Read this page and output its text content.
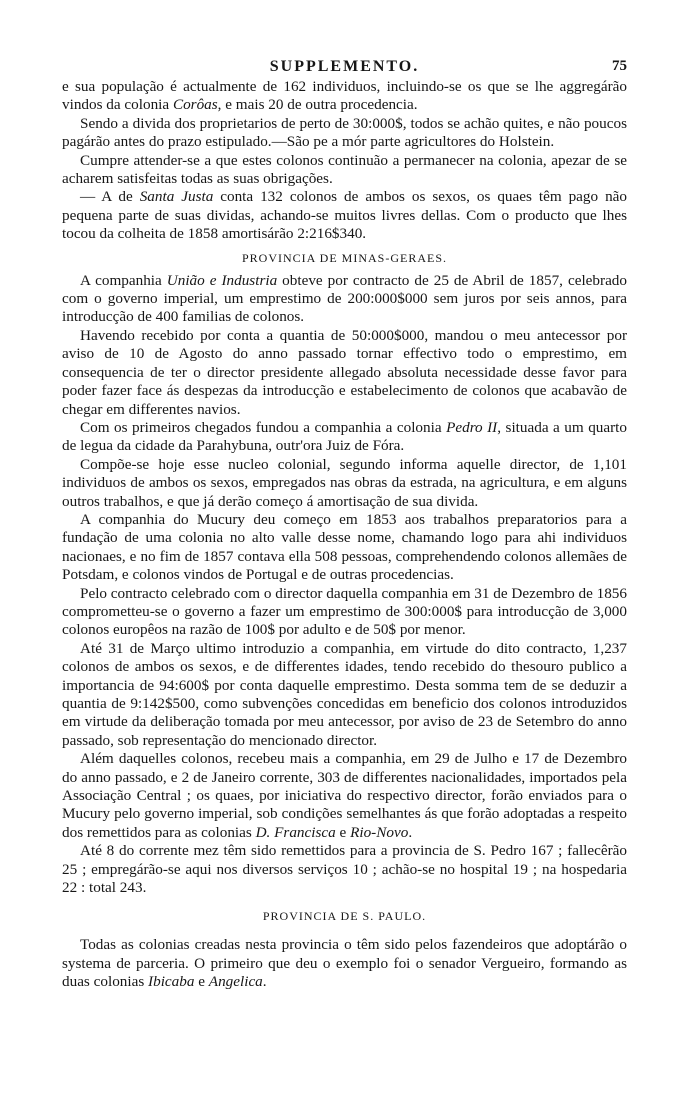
SUPPLEMENTO.	75

e sua população é actualmente de 162 individuos, incluindo-se os que se lhe aggregárão vindos da colonia Corôas, e mais 20 de outra procedencia.

Sendo a divida dos proprietarios de perto de 30:000$, todos se achão quites, e não poucos pagárão antes do prazo estipulado.—São pe a mór parte agricultores do Holstein.

Cumpre attender-se a que estes colonos continuão a permanecer na colonia, apezar de se acharem satisfeitas todas as suas obrigações.

— A de Santa Justa conta 132 colonos de ambos os sexos, os quaes têm pago não pequena parte de suas dividas, achando-se muitos livres dellas. Com o producto que lhes tocou da colheita de 1858 amortisárão 2:216$340.

PROVINCIA DE MINAS-GERAES.

A companhia União e Industria obteve por contracto de 25 de Abril de 1857, celebrado com o governo imperial, um emprestimo de 200:000$000 sem juros por seis annos, para introducção de 400 familias de colonos.

Havendo recebido por conta a quantia de 50:000$000, mandou o meu antecessor por aviso de 10 de Agosto do anno passado tornar effectivo todo o emprestimo, em consequencia de ter o director presidente allegado absoluta necessidade desse favor para poder fazer face ás despezas da introducção e estabelecimento de colonos que acabavão de chegar em differentes navios.

Com os primeiros chegados fundou a companhia a colonia Pedro II, situada a um quarto de legua da cidade da Parahybuna, outr'ora Juiz de Fóra.

Compõe-se hoje esse nucleo colonial, segundo informa aquelle director, de 1,101 individuos de ambos os sexos, empregados nas obras da estrada, na agricultura, e em alguns outros trabalhos, e que já derão começo á amortisação de sua divida.

A companhia do Mucury deu começo em 1853 aos trabalhos preparatorios para a fundação de uma colonia no alto valle desse nome, chamando logo para ahi individuos nacionaes, e no fim de 1857 contava ella 508 pessoas, comprehendendo colonos allemães de Potsdam, e colonos vindos de Portugal e de outras procedencias.

Pelo contracto celebrado com o director daquella companhia em 31 de Dezembro de 1856 comprometteu-se o governo a fazer um emprestimo de 300:000$ para introducção de 3,000 colonos europêos na razão de 100$ por adulto e de 50$ por menor.

Até 31 de Março ultimo introduzio a companhia, em virtude do dito contracto, 1,237 colonos de ambos os sexos, e de differentes idades, tendo recebido do thesouro publico a importancia de 94:600$ por conta daquelle emprestimo. Desta somma tem de se deduzir a quantia de 9:142$500, como subvenções concedidas em beneficio dos colonos introduzidos em virtude da deliberação tomada por meu antecessor, por aviso de 23 de Setembro do anno passado, sob representação do mencionado director.

Além daquelles colonos, recebeu mais a companhia, em 29 de Julho e 17 de Dezembro do anno passado, e 2 de Janeiro corrente, 303 de differentes nacionalidades, importados pela Associação Central ; os quaes, por iniciativa do respectivo director, forão enviados para o Mucury pelo governo imperial, sob condições semelhantes ás que forão adoptadas a respeito dos remettidos para as colonias D. Francisca e Rio-Novo.

Até 8 do corrente mez têm sido remettidos para a provincia de S. Pedro 167 ; fallecêrão 25 ; empregárão-se aqui nos diversos serviços 10 ; achão-se no hospital 19 ; na hospedaria 22 : total 243.

PROVINCIA DE S. PAULO.

Todas as colonias creadas nesta provincia o têm sido pelos fazendeiros que adoptárão o systema de parceria. O primeiro que deu o exemplo foi o senador Vergueiro, formando as duas colonias Ibicaba e Angelica.
